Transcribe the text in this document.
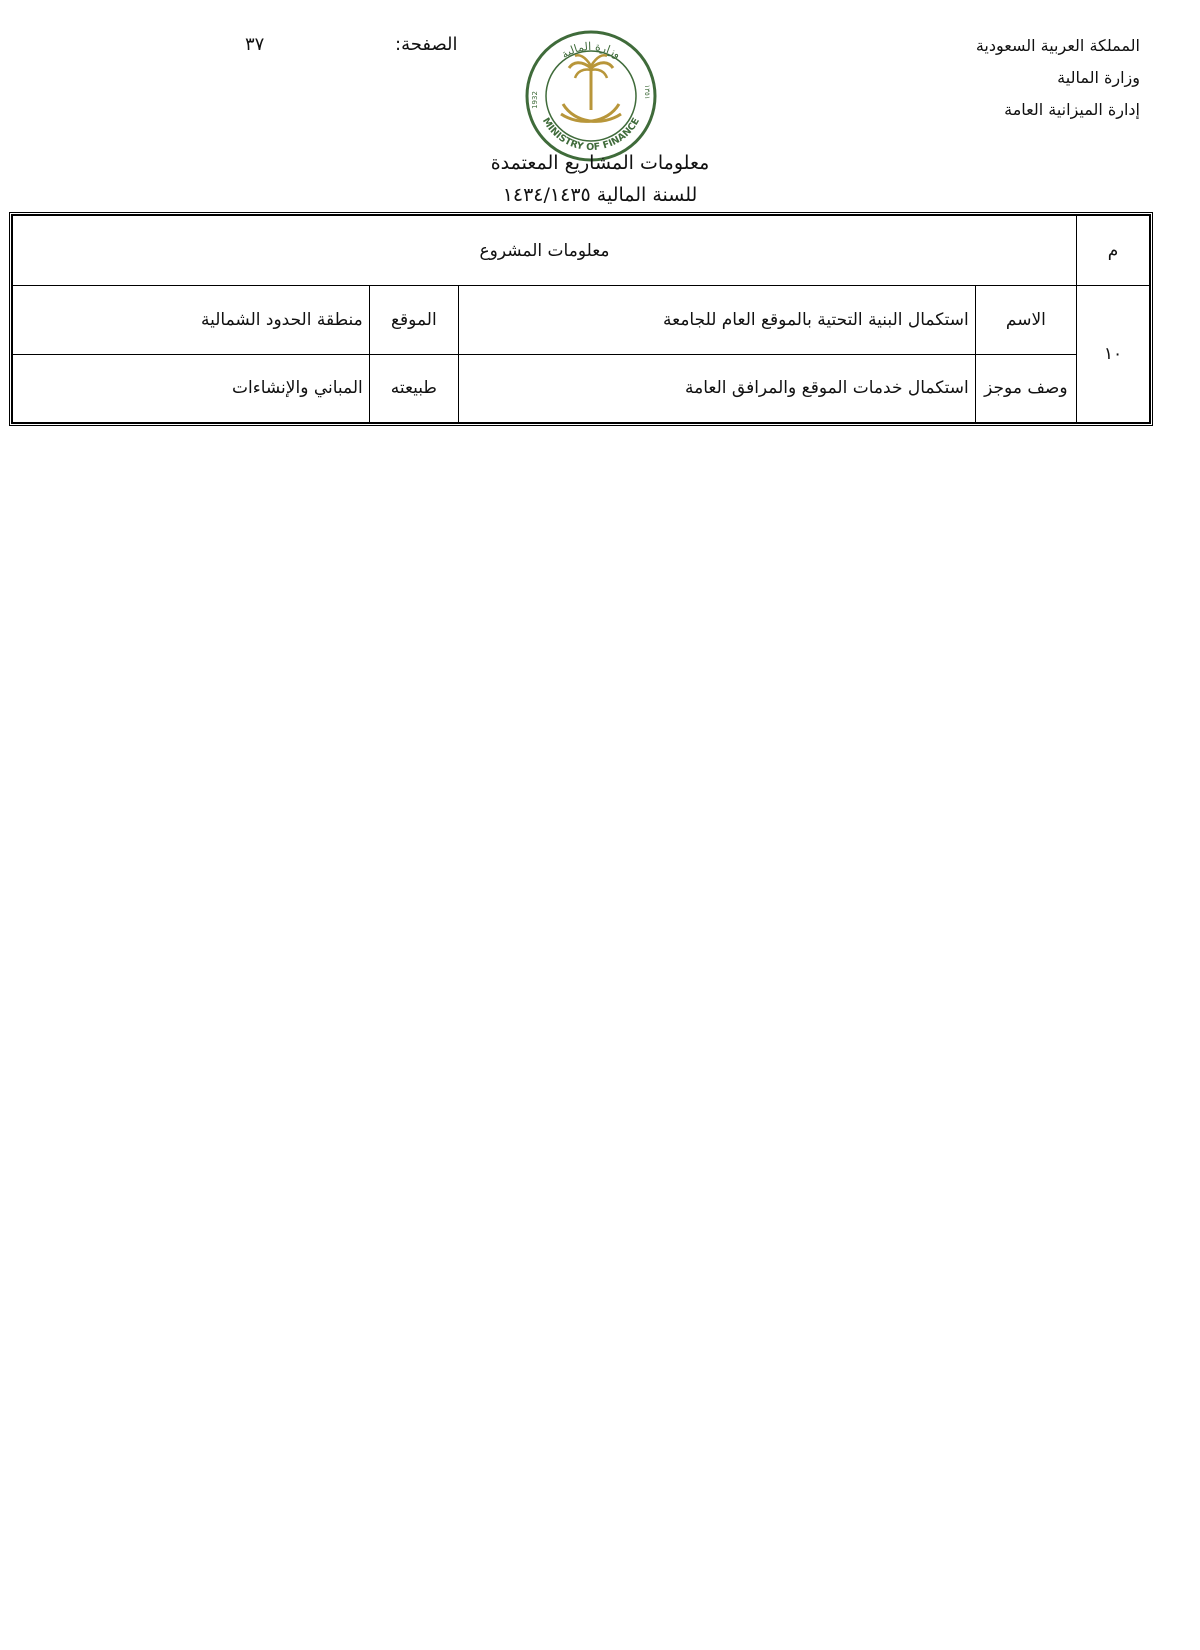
المملكة العربية السعودية
وزارة المالية
إدارة الميزانية العامة
الصفحة:
٣٧	وزارة المالية
MINISTRY OF FINANCE
1932	١٣٥١
معلومات المشاريع المعتمدة
للسنة المالية ١٤٣٤/١٤٣٥
م	معلومات المشروع			
١٠	الاسم	استكمال البنية التحتية بالموقع العام للجامعة	الموقع	منطقة الحدود الشمالية
	وصف موجز	استكمال خدمات الموقع والمرافق العامة	طبيعته	المباني والإنشاءات
